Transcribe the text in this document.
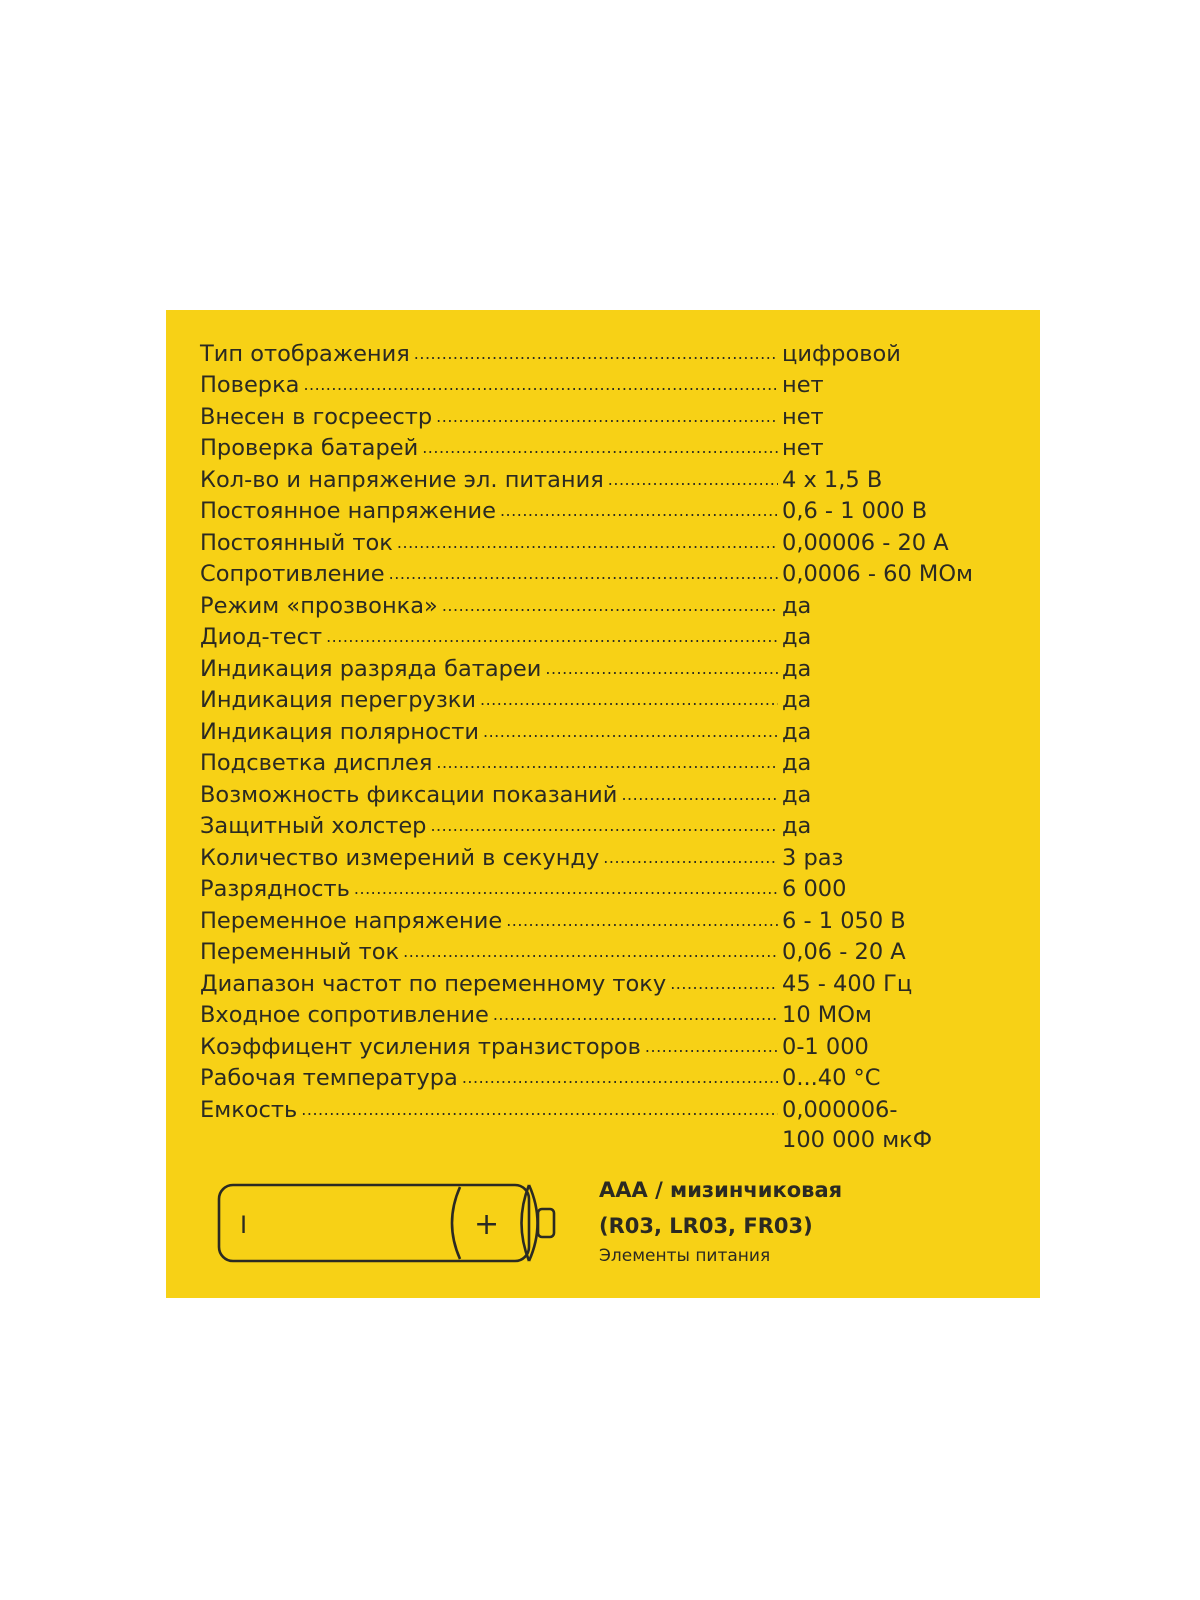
Тип отображения .....	цифровой
Поверка .....	нет
Внесен в госреестр .....	нет
Проверка батарей .....	нет
Кол-во и напряжение эл. питания .....	4 x 1,5 В
Постоянное напряжение .....	0,6 - 1 000 В
Постоянный ток .....	0,00006 - 20 А
Сопротивление .....	0,0006 - 60 МОм
Режим «прозвонка» .....	да
Диод-тест .....	да
Индикация разряда батареи .....	да
Индикация перегрузки .....	да
Индикация полярности .....	да
Подсветка дисплея .....	да
Возможность фиксации показаний .....	да
Защитный холстер .....	да
Количество измерений в секунду .....	3 раз
Разрядность .....	6 000
Переменное напряжение .....	6 - 1 050 В
Переменный ток .....	0,06 - 20 А
Диапазон частот по переменному току .....	45 - 400 Гц
Входное сопротивление .....	10 МОм
Коэффицент усиления транзисторов .....	0-1 000
Рабочая температура .....	0...40 °C
Емкость .....	0,000006-
100 000 мкФ
I	+
AAA / мизинчиковая
(R03, LR03, FR03)
Элементы питания
